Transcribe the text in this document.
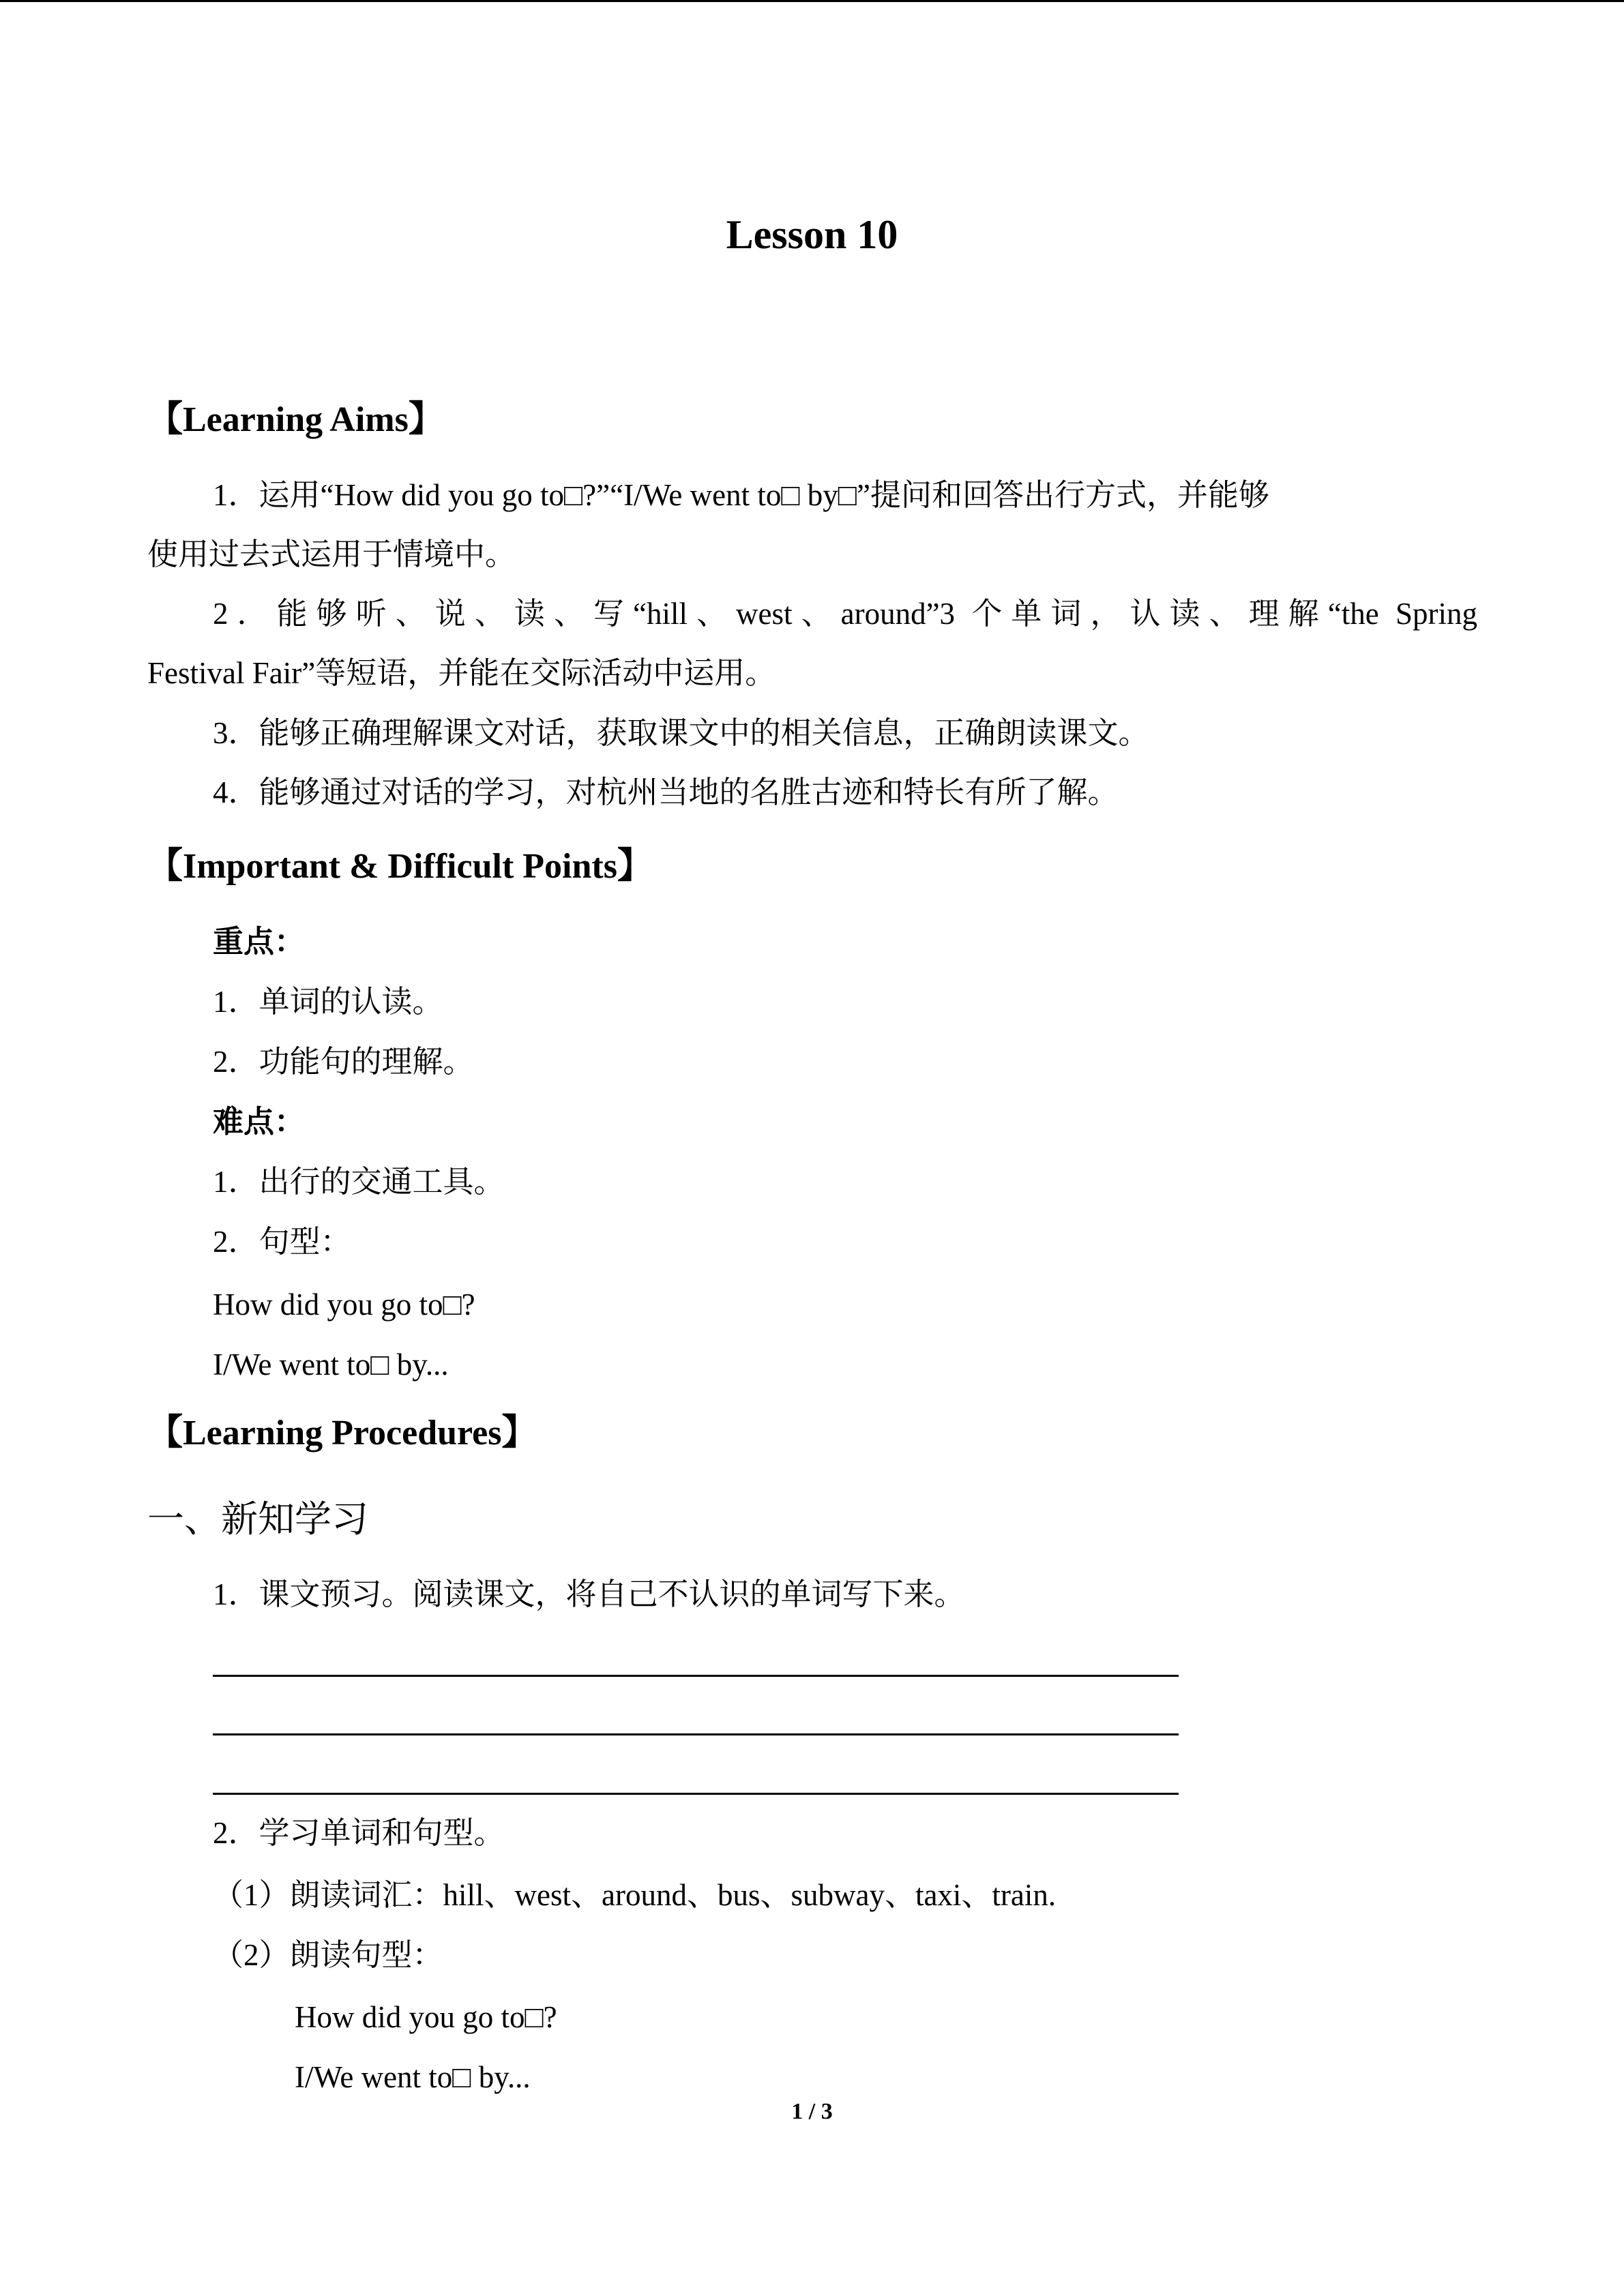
Lesson 10
【Learning Aims】
1．运用“How did you go to□?”“I/We went to□ by□”提问和回答出行方式，并能够
使用过去式运用于情境中。
2．能够听、说、读、写“hill、west、around”3 个单词，认读、理解“the Spring
Festival Fair”等短语，并能在交际活动中运用。
3．能够正确理解课文对话，获取课文中的相关信息，正确朗读课文。
4．能够通过对话的学习，对杭州当地的名胜古迹和特长有所了解。
【Important & Difficult Points】
重点：
1．单词的认读。
2．功能句的理解。
难点：
1．出行的交通工具。
2．句型：
How did you go to□?
I/We went to□ by...
【Learning Procedures】
一、新知学习
1．课文预习。阅读课文，将自己不认识的单词写下来。
2．学习单词和句型。
（1）朗读词汇：hill、west、around、bus、subway、taxi、train.
（2）朗读句型：
How did you go to□?
I/We went to□ by...
1 / 3
